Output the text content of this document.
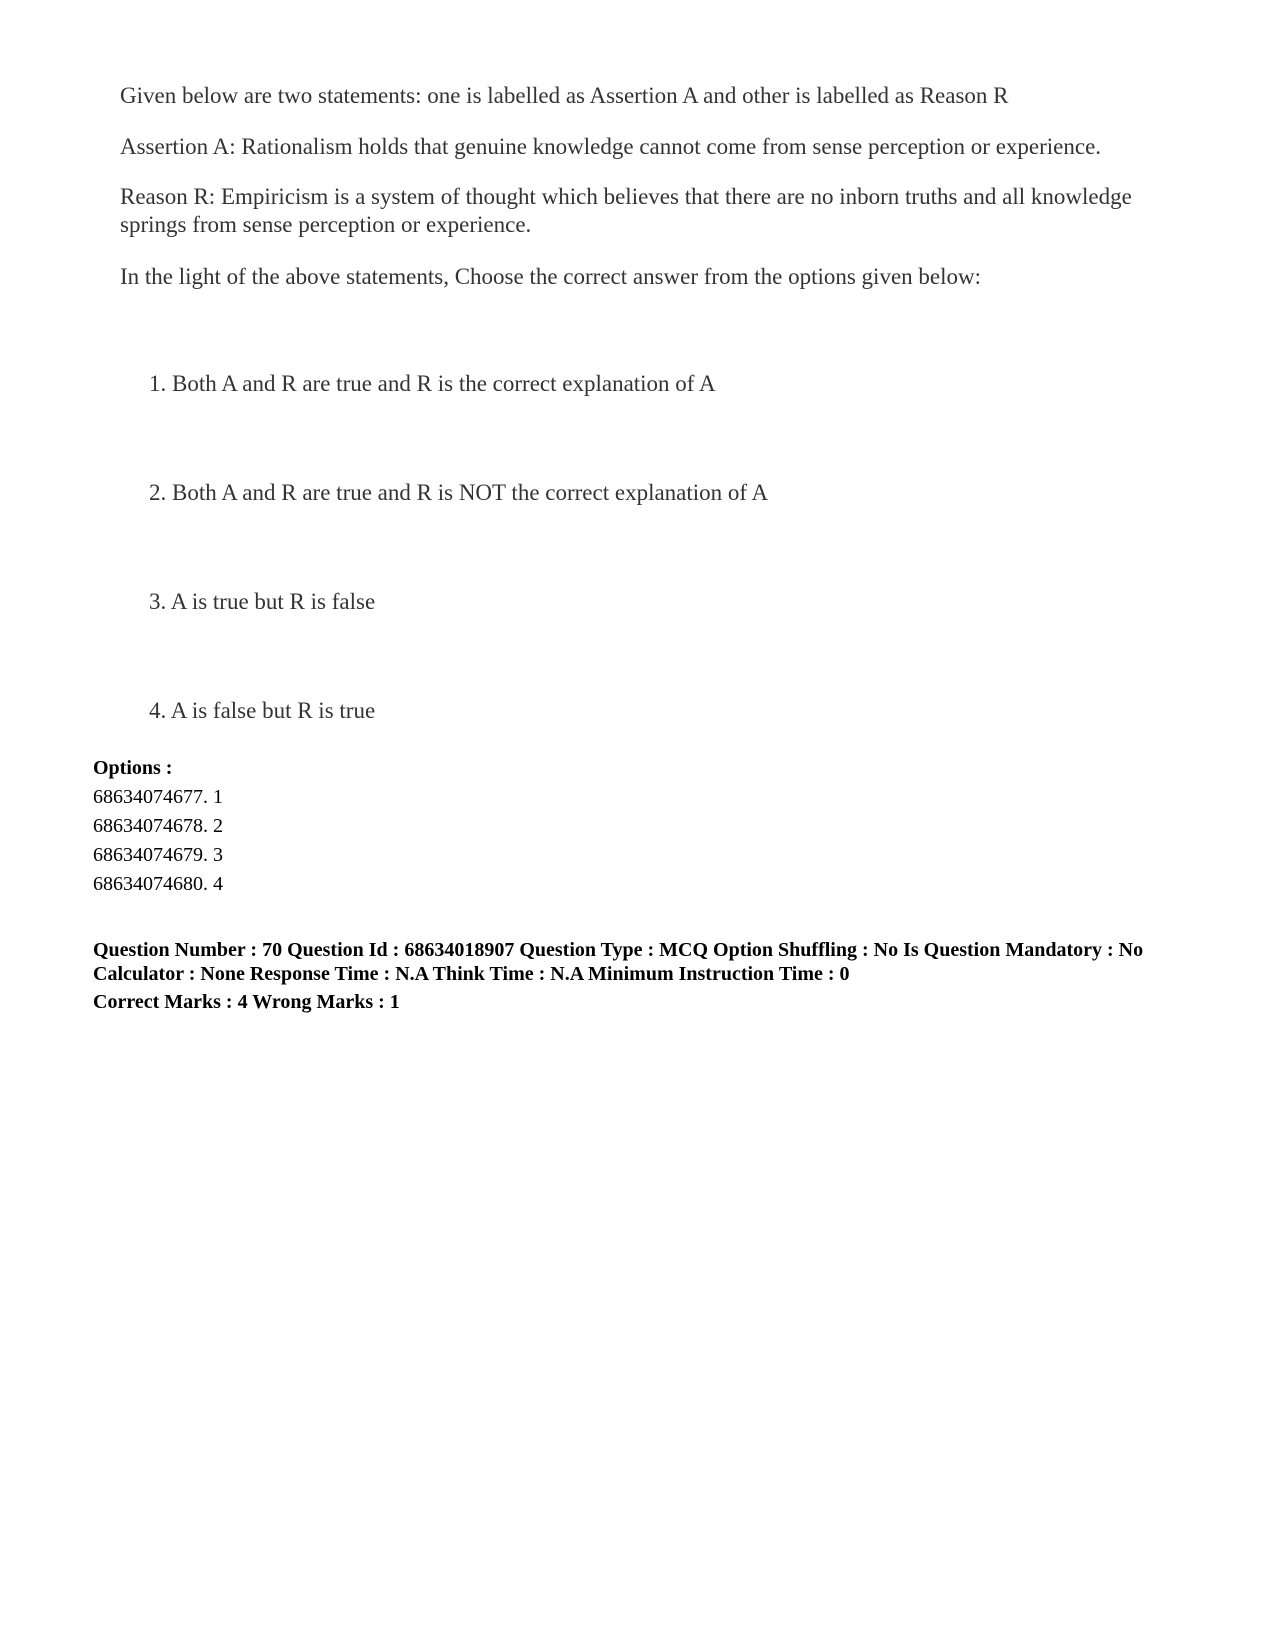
Given below are two statements: one is labelled as Assertion A and other is labelled as Reason R
Assertion A: Rationalism holds that genuine knowledge cannot come from sense perception or experience.
Reason R: Empiricism is a system of thought which believes that there are no inborn truths and all knowledge springs from sense perception or experience.
In the light of the above statements, Choose the correct answer from the options given below:
1. Both A and R are true and R is the correct explanation of A
2. Both A and R are true and R is NOT the correct explanation of A
3. A is true but R is false
4. A is false but R is true
Options :
68634074677. 1
68634074678. 2
68634074679. 3
68634074680. 4
Question Number : 70 Question Id : 68634018907 Question Type : MCQ Option Shuffling : No Is Question Mandatory : No Calculator : None Response Time : N.A Think Time : N.A Minimum Instruction Time : 0
Correct Marks : 4 Wrong Marks : 1
